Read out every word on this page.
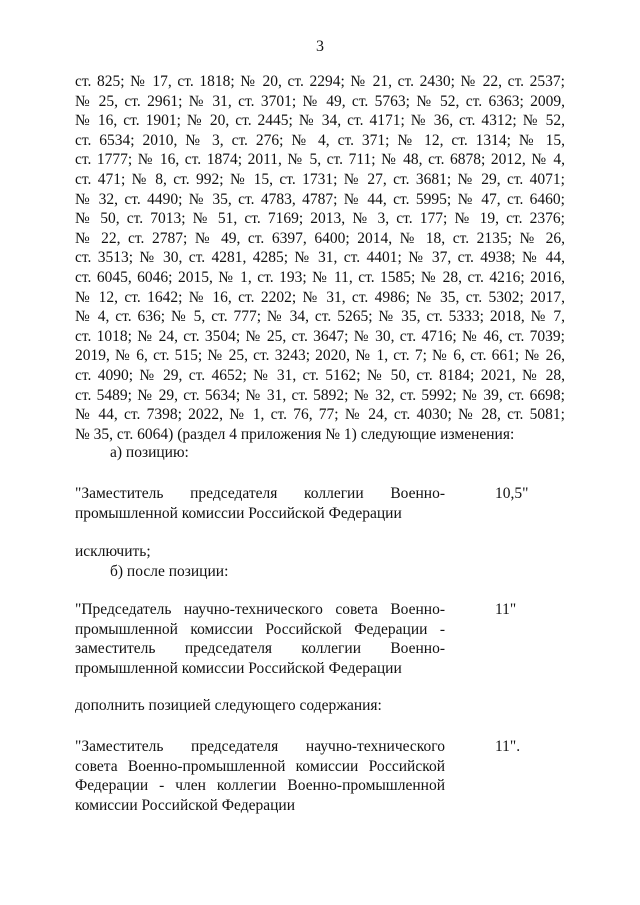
3
ст. 825; № 17, ст. 1818; № 20, ст. 2294; № 21, ст. 2430; № 22, ст. 2537;
№ 25, ст. 2961; № 31, ст. 3701; № 49, ст. 5763; № 52, ст. 6363; 2009,
№ 16, ст. 1901; № 20, ст. 2445; № 34, ст. 4171; № 36, ст. 4312; № 52,
ст. 6534; 2010, № 3, ст. 276; № 4, ст. 371; № 12, ст. 1314; № 15,
ст. 1777; № 16, ст. 1874; 2011, № 5, ст. 711; № 48, ст. 6878; 2012, № 4,
ст. 471; № 8, ст. 992; № 15, ст. 1731; № 27, ст. 3681; № 29, ст. 4071;
№ 32, ст. 4490; № 35, ст. 4783, 4787; № 44, ст. 5995; № 47, ст. 6460;
№ 50, ст. 7013; № 51, ст. 7169; 2013, № 3, ст. 177; № 19, ст. 2376;
№ 22, ст. 2787; № 49, ст. 6397, 6400; 2014, № 18, ст. 2135; № 26,
ст. 3513; № 30, ст. 4281, 4285; № 31, ст. 4401; № 37, ст. 4938; № 44,
ст. 6045, 6046; 2015, № 1, ст. 193; № 11, ст. 1585; № 28, ст. 4216; 2016,
№ 12, ст. 1642; № 16, ст. 2202; № 31, ст. 4986; № 35, ст. 5302; 2017,
№ 4, ст. 636; № 5, ст. 777; № 34, ст. 5265; № 35, ст. 5333; 2018, № 7,
ст. 1018; № 24, ст. 3504; № 25, ст. 3647; № 30, ст. 4716; № 46, ст. 7039;
2019, № 6, ст. 515; № 25, ст. 3243; 2020, № 1, ст. 7; № 6, ст. 661; № 26,
ст. 4090; № 29, ст. 4652; № 31, ст. 5162; № 50, ст. 8184; 2021, № 28,
ст. 5489; № 29, ст. 5634; № 31, ст. 5892; № 32, ст. 5992; № 39, ст. 6698;
№ 44, ст. 7398; 2022, № 1, ст. 76, 77; № 24, ст. 4030; № 28, ст. 5081;
№ 35, ст. 6064) (раздел 4 приложения № 1) следующие изменения:
а) позицию:
"Заместитель председателя коллегии Военно-
промышленной комиссии Российской Федерации
10,5"
исключить;
б) после позиции:
"Председатель научно-технического совета Военно-
промышленной комиссии Российской Федерации -
заместитель председателя коллегии Военно-
промышленной комиссии Российской Федерации
11"
дополнить позицией следующего содержания:
"Заместитель председателя научно-технического
совета Военно-промышленной комиссии Российской
Федерации - член коллегии Военно-промышленной
комиссии Российской Федерации
11".
